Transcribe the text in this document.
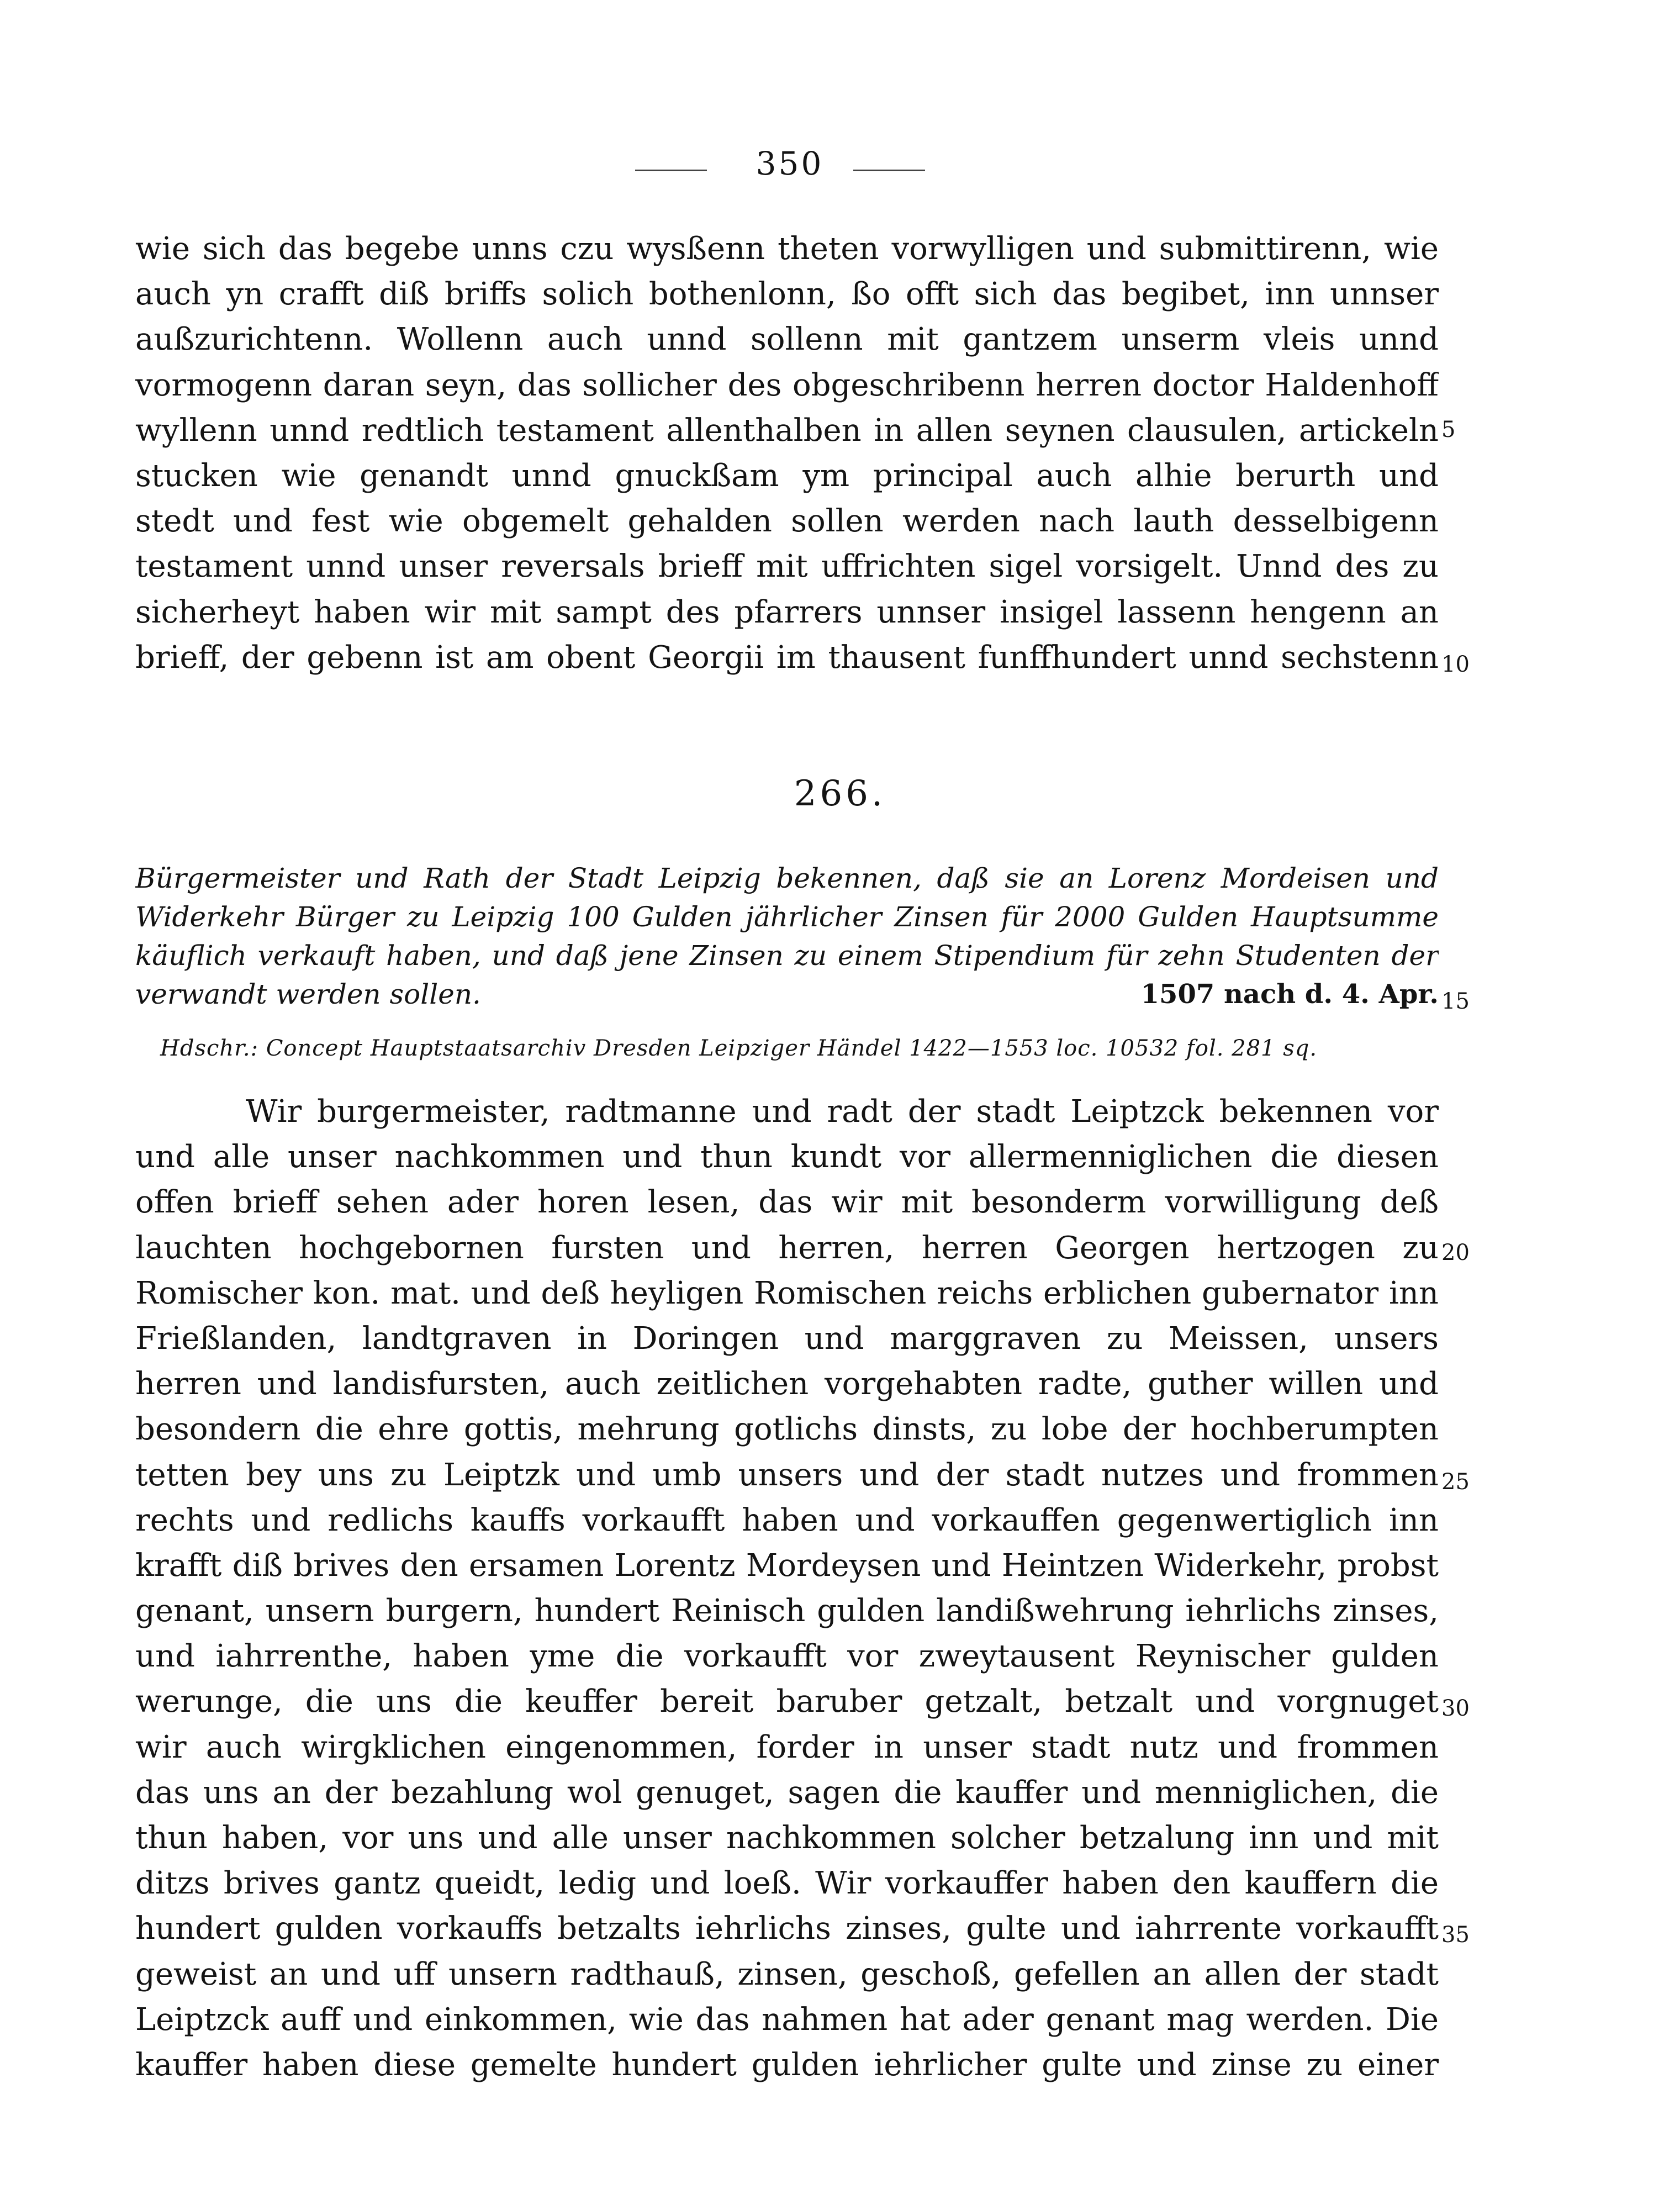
350
wie sich das begebe unns czu wysßenn theten vorwylligen und submittirenn, wie
auch yn crafft diß briffs solich bothenlonn, ßo offt sich das begibet, inn unnser
außzurichtenn. Wollenn auch unnd sollenn mit gantzem unserm vleis unnd
vormogenn daran seyn, das sollicher des obgeschribenn herren doctor Haldenhoff
wyllenn unnd redtlich testament allenthalben in allen seynen clausulen, artickeln
stucken wie genandt unnd gnuckßam ym principal auch alhie berurth und
stedt und fest wie obgemelt gehalden sollen werden nach lauth desselbigenn
testament unnd unser reversals brieff mit uffrichten sigel vorsigelt. Unnd des zu
sicherheyt haben wir mit sampt des pfarrers unnser insigel lassenn hengenn an
brieff, der gebenn ist am obent Georgii im thausent funffhundert unnd sechstenn
5
10
266.
Bürgermeister und Rath der Stadt Leipzig bekennen, daß sie an Lorenz Mordeisen und
Widerkehr Bürger zu Leipzig 100 Gulden jährlicher Zinsen für 2000 Gulden Hauptsumme
käuflich verkauft haben, und daß jene Zinsen zu einem Stipendium für zehn Studenten der
verwandt werden sollen.	1507 nach d. 4. Apr. 15
Hdschr.: Concept Hauptstaatsarchiv Dresden Leipziger Händel 1422—1553 loc. 10532 fol. 281 sq.
Wir burgermeister, radtmanne und radt der stadt Leiptzck bekennen vor
und alle unser nachkommen und thun kundt vor allermenniglichen die diesen
offen brieff sehen ader horen lesen, das wir mit besonderm vorwilligung deß
lauchten hochgebornen fursten und herren, herren Georgen hertzogen zu
Romischer kon. mat. und deß heyligen Romischen reichs erblichen gubernator inn
Frießlanden, landtgraven in Doringen und marggraven zu Meissen, unsers
herren und landisfursten, auch zeitlichen vorgehabten radte, guther willen und
besondern die ehre gottis, mehrung gotlichs dinsts, zu lobe der hochberumpten
tetten bey uns zu Leiptzk und umb unsers und der stadt nutzes und frommen
rechts und redlichs kauffs vorkaufft haben und vorkauffen gegenwertiglich inn
krafft diß brives den ersamen Lorentz Mordeysen und Heintzen Widerkehr, probst
genant, unsern burgern, hundert Reinisch gulden landißwehrung iehrlichs zinses,
und iahrrenthe, haben yme die vorkaufft vor zweytausent Reynischer gulden
werunge, die uns die keuffer bereit baruber getzalt, betzalt und vorgnuget
wir auch wirgklichen eingenommen, forder in unser stadt nutz und frommen
das uns an der bezahlung wol genuget, sagen die kauffer und menniglichen, die
thun haben, vor uns und alle unser nachkommen solcher betzalung inn und mit
ditzs brives gantz queidt, ledig und loeß. Wir vorkauffer haben den kauffern die
hundert gulden vorkauffs betzalts iehrlichs zinses, gulte und iahrrente vorkaufft
geweist an und uff unsern radthauß, zinsen, geschoß, gefellen an allen der stadt
Leiptzck auff und einkommen, wie das nahmen hat ader genant mag werden. Die
kauffer haben diese gemelte hundert gulden iehrlicher gulte und zinse zu einer
20
25
30
35
